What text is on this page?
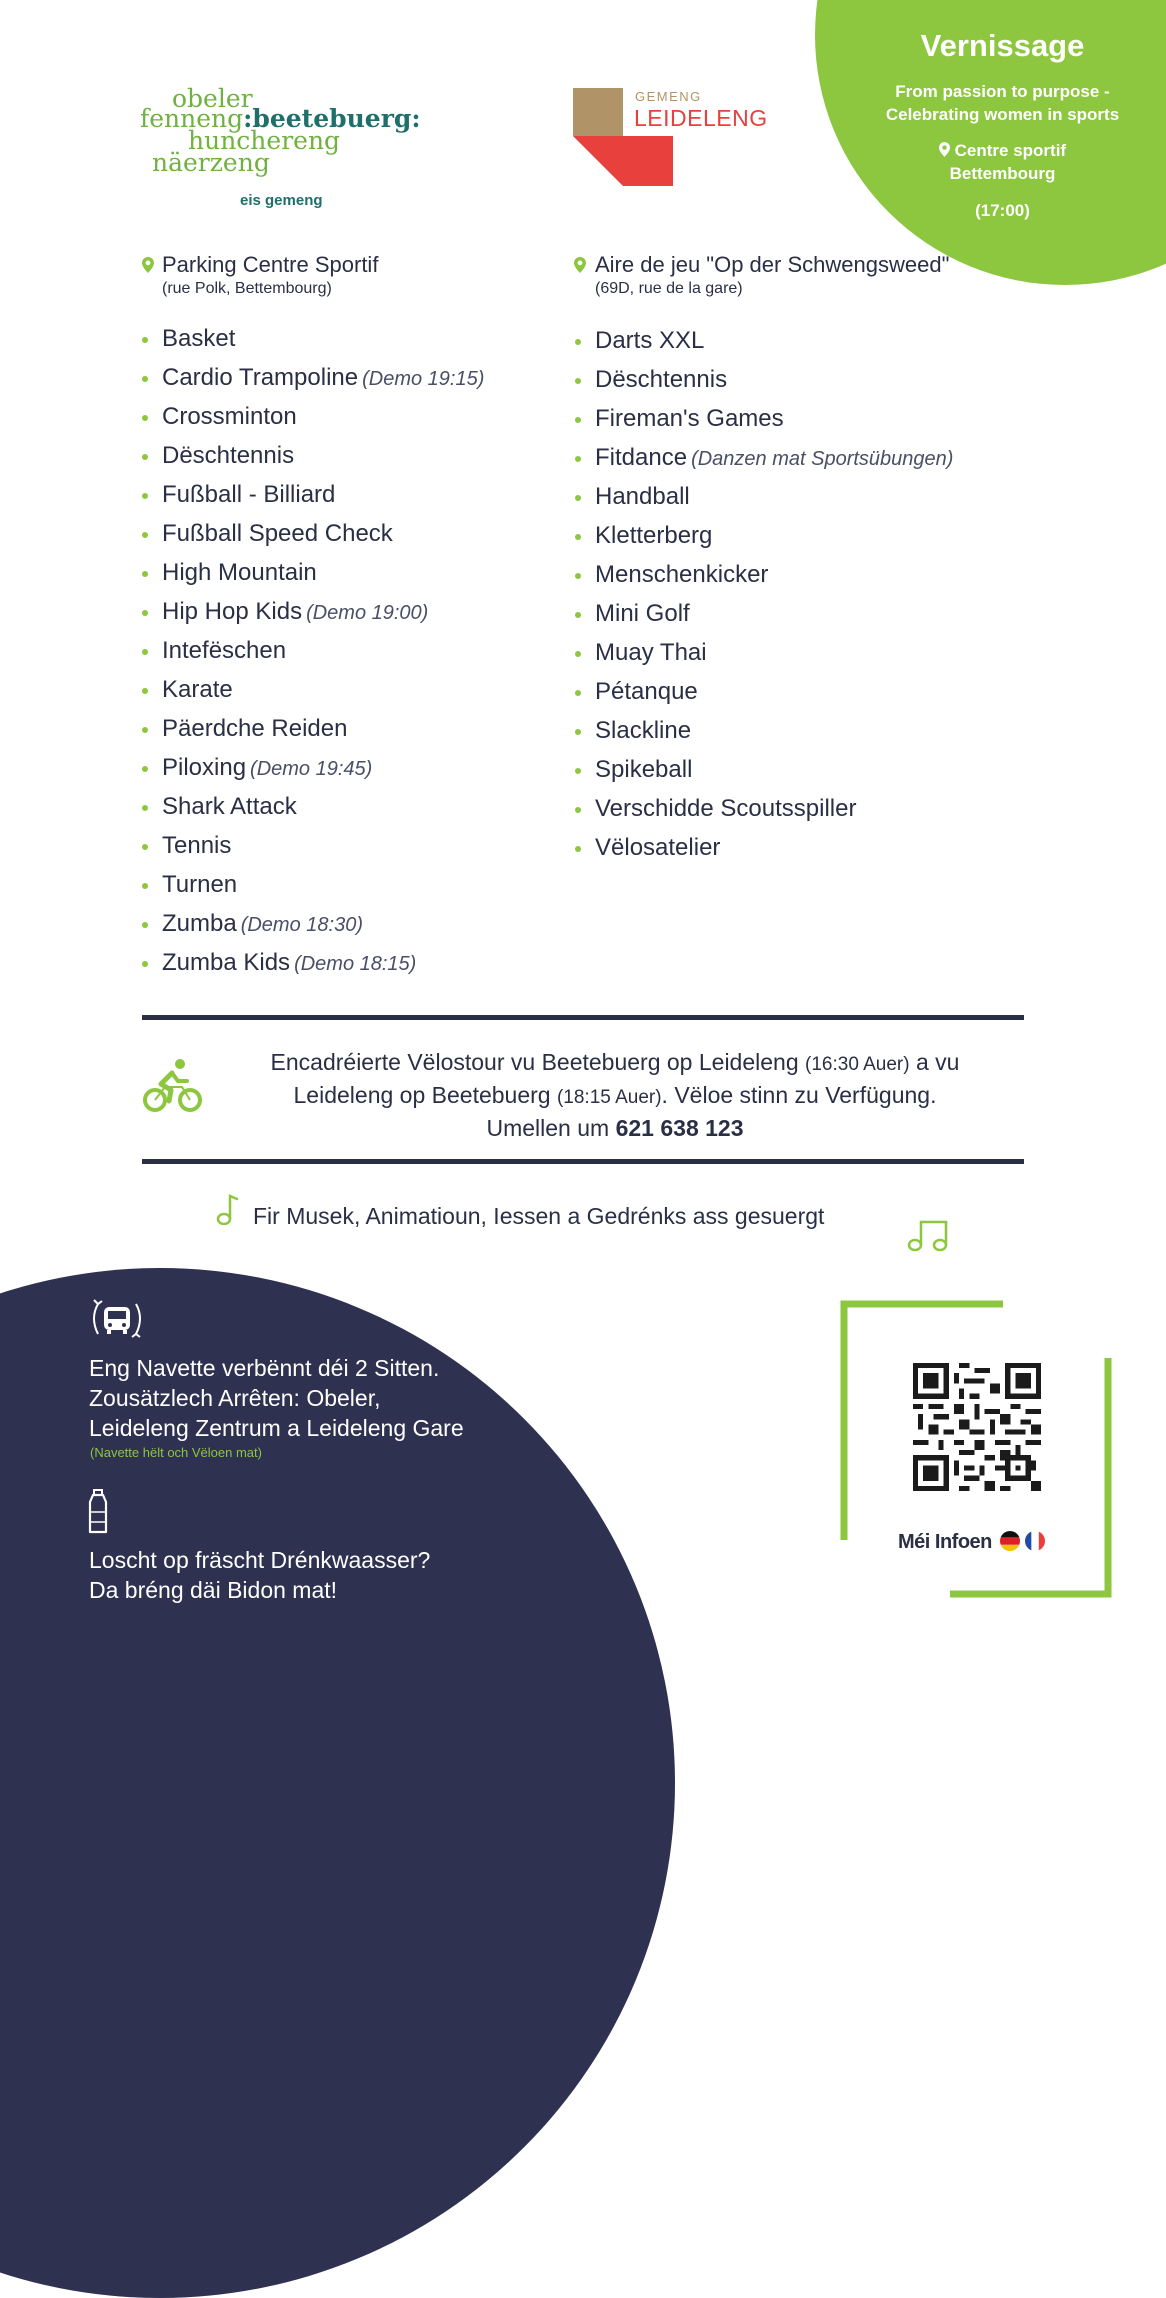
Vernissage
From passion to purpose -
Celebrating women in sports
Centre sportif
Bettembourg
(17:00)
obeler
fenneng:beetebuerg:
hunchereng
näerzeng
eis gemeng
GEMENG
LEIDELENG
Parking Centre Sportif
(rue Polk, Bettembourg)
Aire de jeu "Op der Schwengsweed"
(69D, rue de la gare)
Basket
Cardio Trampoline (Demo 19:15)
Crossminton
Dëschtennis
Fußball - Billiard
Fußball Speed Check
High Mountain
Hip Hop Kids (Demo 19:00)
Intefëschen
Karate
Päerdche Reiden
Piloxing (Demo 19:45)
Shark Attack
Tennis
Turnen
Zumba (Demo 18:30)
Zumba Kids (Demo 18:15)
Darts XXL
Dëschtennis
Fireman's Games
Fitdance (Danzen mat Sportsübungen)
Handball
Kletterberg
Menschenkicker
Mini Golf
Muay Thai
Pétanque
Slackline
Spikeball
Verschidde Scoutsspiller
Vëlosatelier
Encadréierte Vëlostour vu Beetebuerg op Leideleng (16:30 Auer) a vu
Leideleng op Beetebuerg (18:15 Auer). Vëloe stinn zu Verfügung.
Umellen um 621 638 123
Fir Musek, Animatioun, Iessen a Gedrénks ass gesuergt
Eng Navette verbënnt déi 2 Sitten.
Zousätzlech Arrêten: Obeler,
Leideleng Zentrum a Leideleng Gare
(Navette hëlt och Vëloen mat)
Loscht op fräscht Drénkwaasser?
Da bréng däi Bidon mat!
Méi Infoen
